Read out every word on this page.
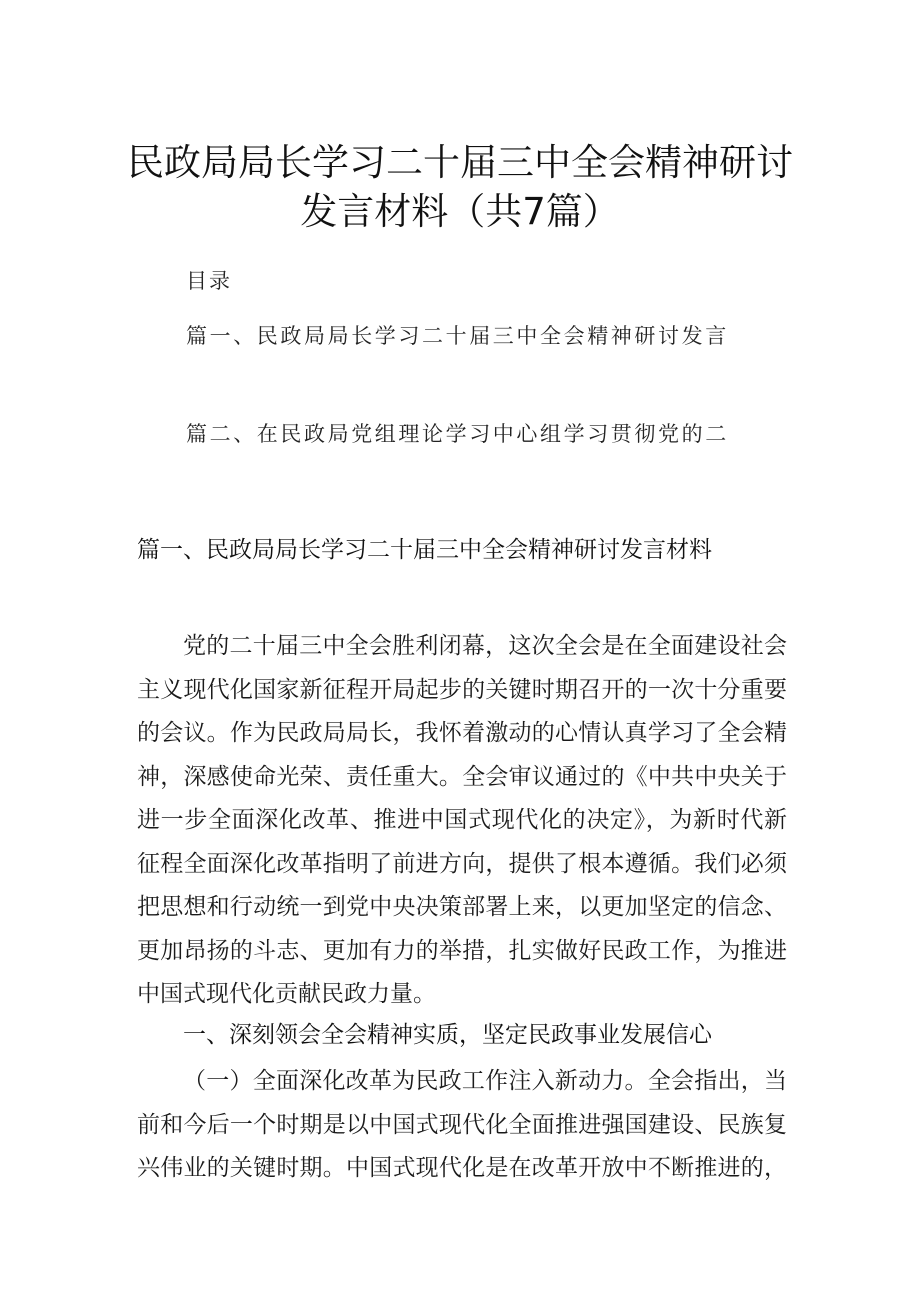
民政局局长学习二十届三中全会精神研讨
发言材料（共7篇）
目录
篇一、民政局局长学习二十届三中全会精神研讨发言
篇二、在民政局党组理论学习中心组学习贯彻党的二
篇一、民政局局长学习二十届三中全会精神研讨发言材料
党的二十届三中全会胜利闭幕，这次全会是在全面建设社会
主义现代化国家新征程开局起步的关键时期召开的一次十分重要
的会议。作为民政局局长，我怀着激动的心情认真学习了全会精
神，深感使命光荣、责任重大。全会审议通过的《中共中央关于
进一步全面深化改革、推进中国式现代化的决定》，为新时代新
征程全面深化改革指明了前进方向，提供了根本遵循。我们必须
把思想和行动统一到党中央决策部署上来，以更加坚定的信念、
更加昂扬的斗志、更加有力的举措，扎实做好民政工作，为推进
中国式现代化贡献民政力量。
一、深刻领会全会精神实质，坚定民政事业发展信心
（一）全面深化改革为民政工作注入新动力。全会指出，当
前和今后一个时期是以中国式现代化全面推进强国建设、民族复
兴伟业的关键时期。中国式现代化是在改革开放中不断推进的，
